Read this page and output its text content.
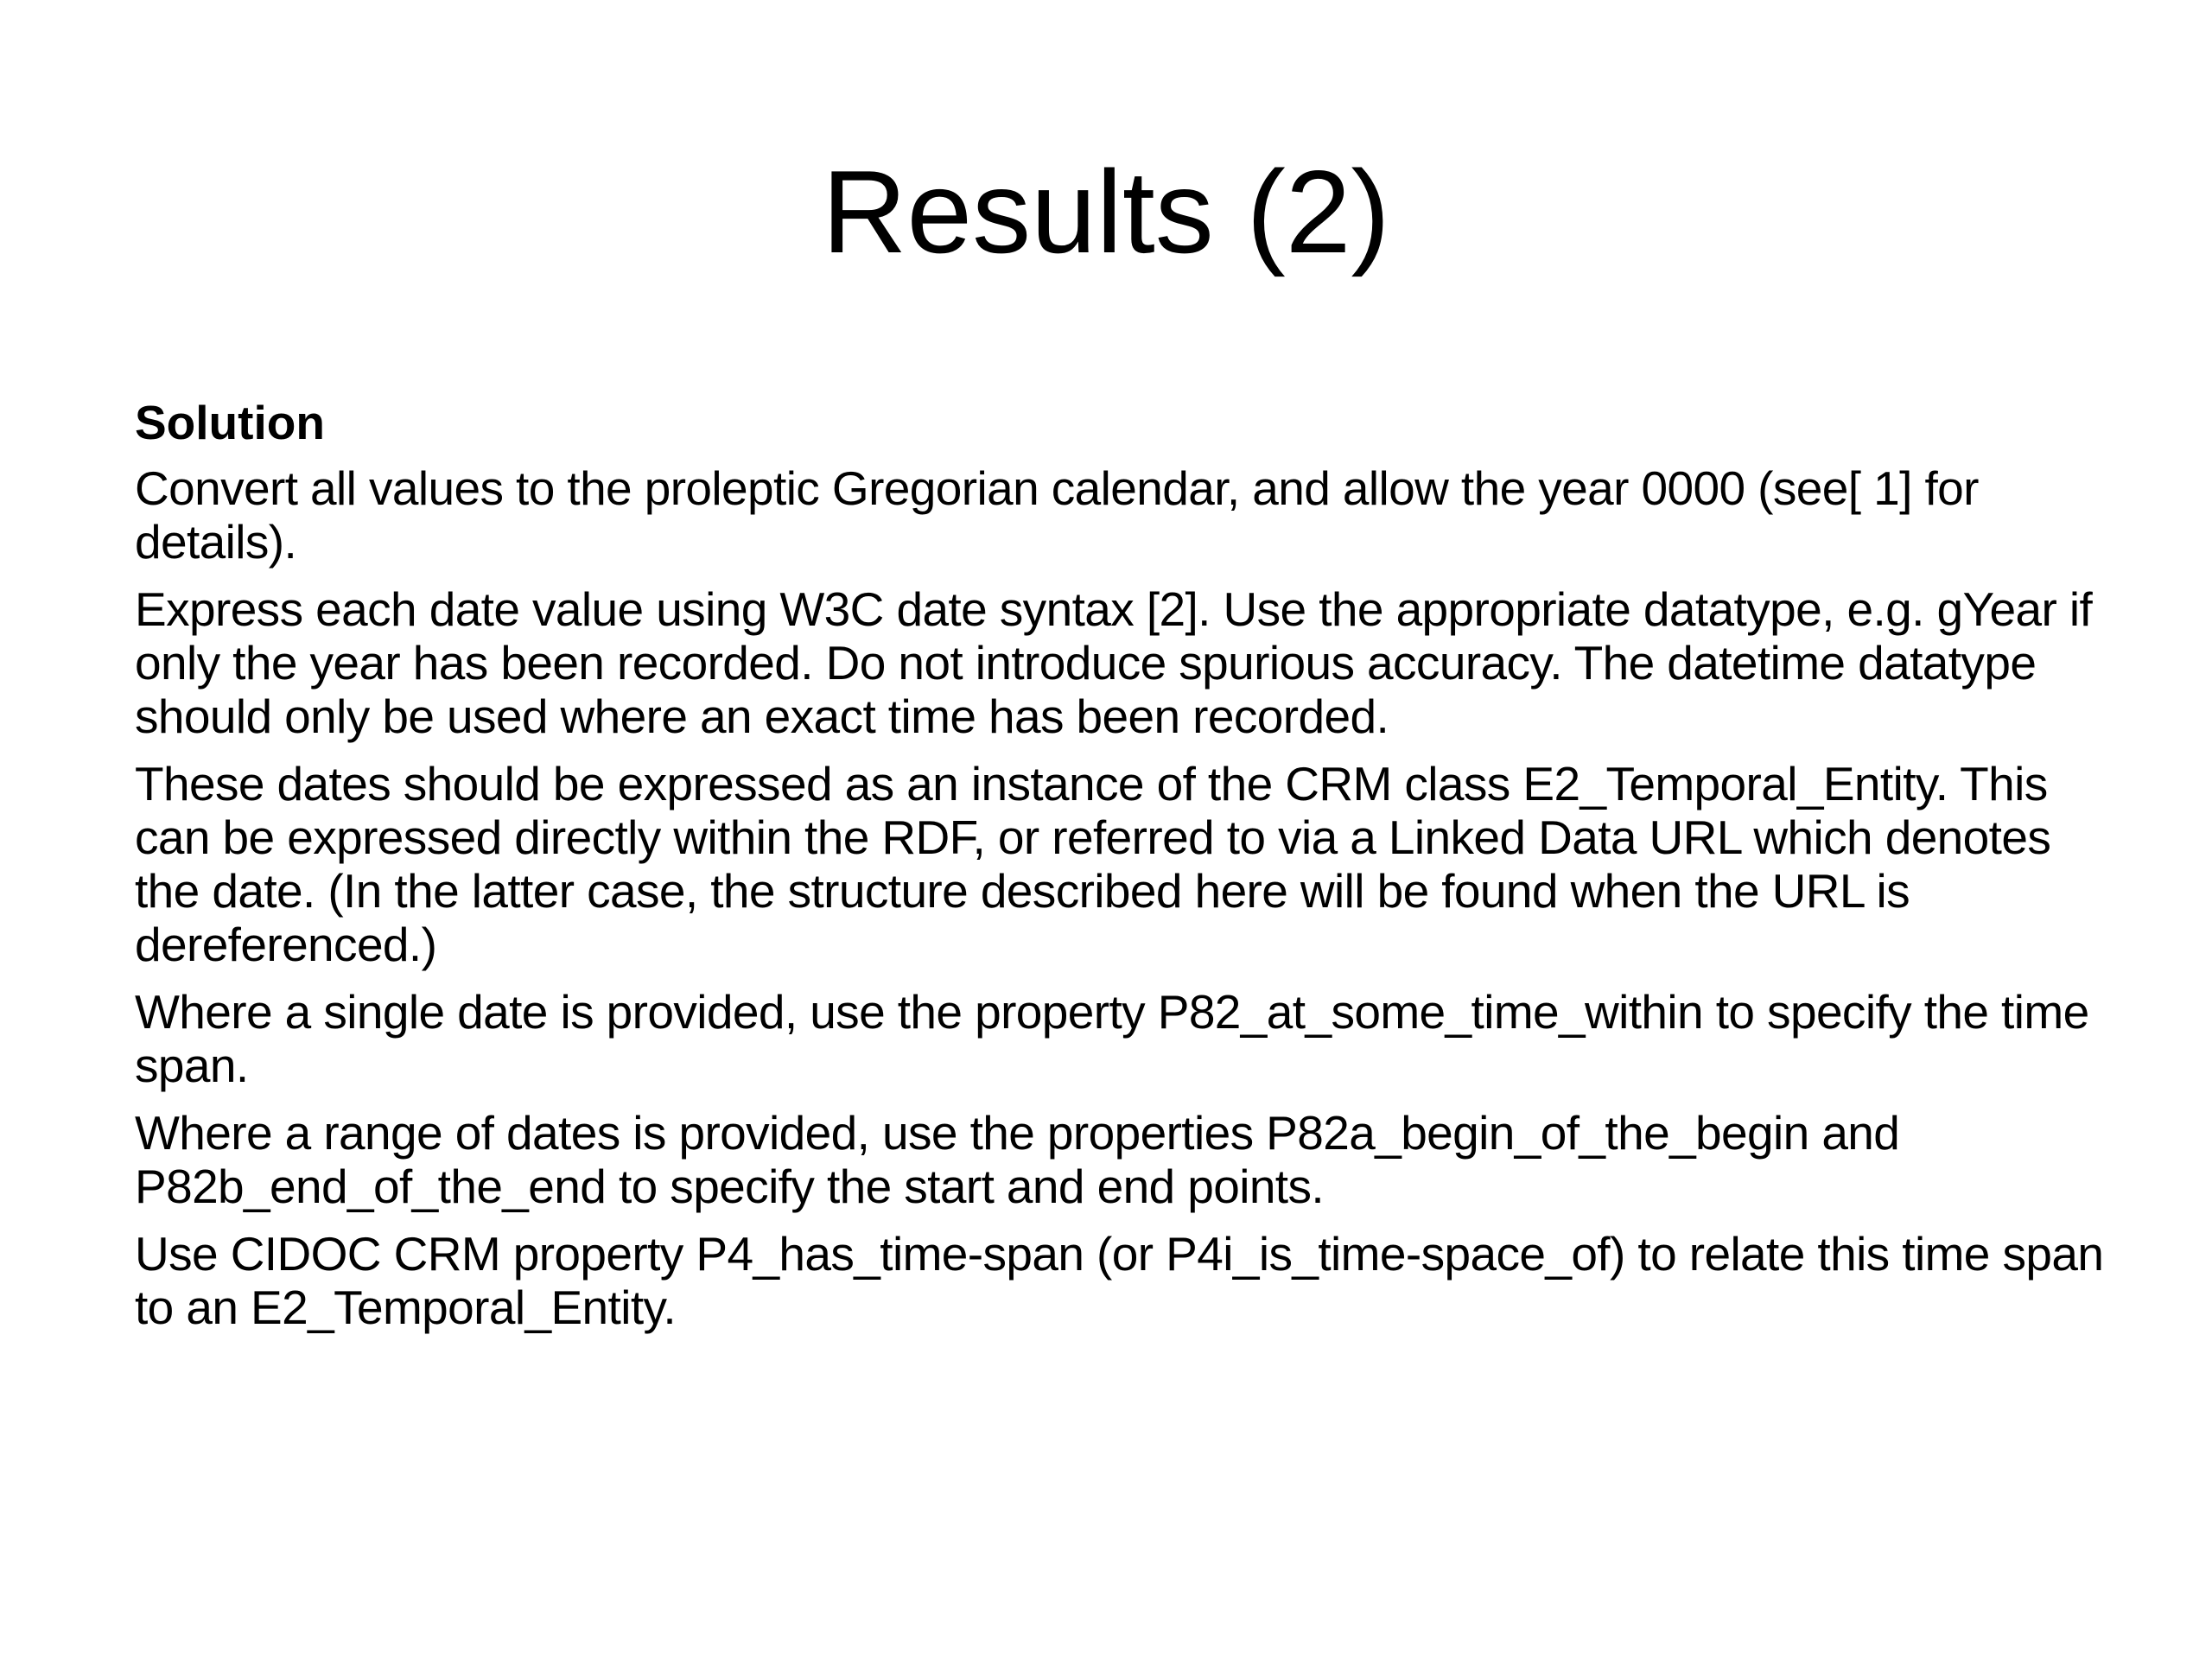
Results (2)

Solution

Convert all values to the proleptic Gregorian calendar, and allow the year 0000 (see[ 1] for details).

Express each date value using W3C date syntax [2]. Use the appropriate datatype, e.g. gYear if only the year has been recorded. Do not introduce spurious accuracy. The datetime datatype should only be used where an exact time has been recorded.

These dates should be expressed as an instance of the CRM class E2_Temporal_Entity. This can be expressed directly within the RDF, or referred to via a Linked Data URL which denotes the date. (In the latter case, the structure described here will be found when the URL is dereferenced.)

Where a single date is provided, use the property P82_at_some_time_within to specify the time span.

Where a range of dates is provided, use the properties P82a_begin_of_the_begin and P82b_end_of_the_end to specify the start and end points.

Use CIDOC CRM property P4_has_time-span (or P4i_is_time-space_of) to relate this time span to an E2_Temporal_Entity.
